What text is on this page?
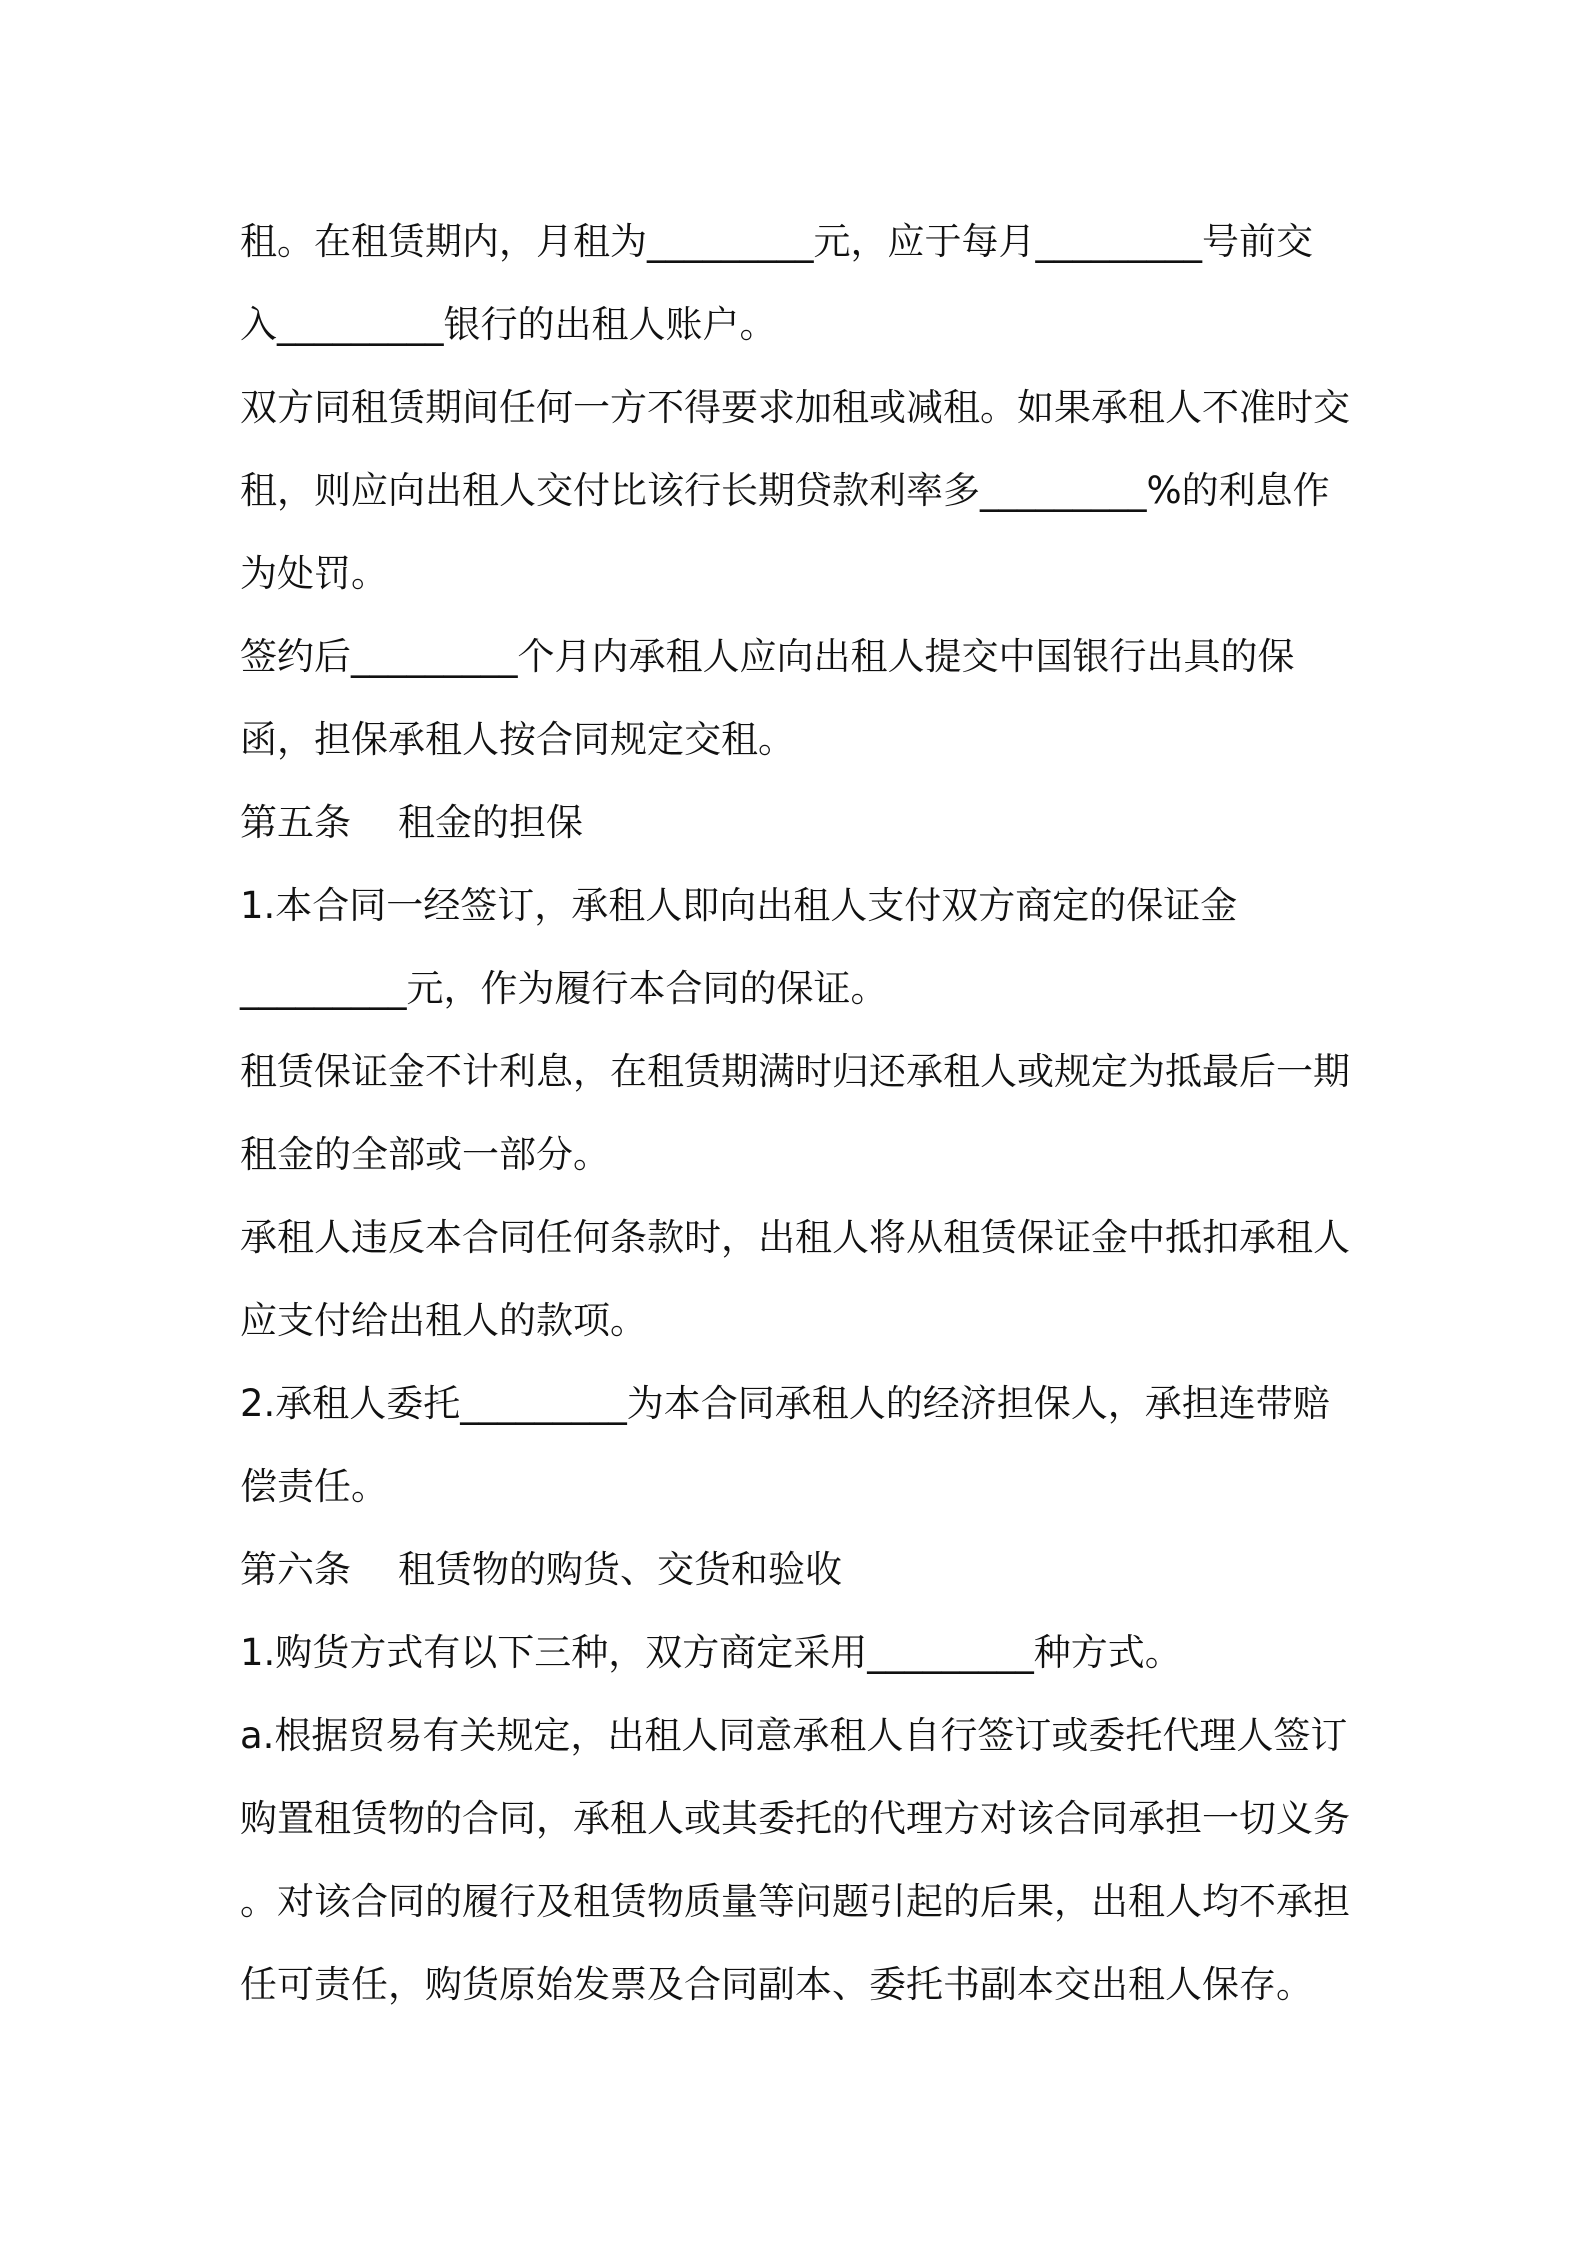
租。在租赁期内，月租为_________元，应于每月_________号前交
入_________银行的出租人账户。
双方同租赁期间任何一方不得要求加租或减租。如果承租人不准时交
租，则应向出租人交付比该行长期贷款利率多_________%的利息作
为处罚。
签约后_________个月内承租人应向出租人提交中国银行出具的保
函，担保承租人按合同规定交租。
第五条    租金的担保
1.本合同一经签订，承租人即向出租人支付双方商定的保证金
_________元，作为履行本合同的保证。
租赁保证金不计利息，在租赁期满时归还承租人或规定为抵最后一期
租金的全部或一部分。
承租人违反本合同任何条款时，出租人将从租赁保证金中抵扣承租人
应支付给出租人的款项。
2.承租人委托_________为本合同承租人的经济担保人，承担连带赔
偿责任。
第六条    租赁物的购货、交货和验收
1.购货方式有以下三种，双方商定采用_________种方式。
a.根据贸易有关规定，出租人同意承租人自行签订或委托代理人签订
购置租赁物的合同，承租人或其委托的代理方对该合同承担一切义务
。对该合同的履行及租赁物质量等问题引起的后果，出租人均不承担
任可责任，购货原始发票及合同副本、委托书副本交出租人保存。
